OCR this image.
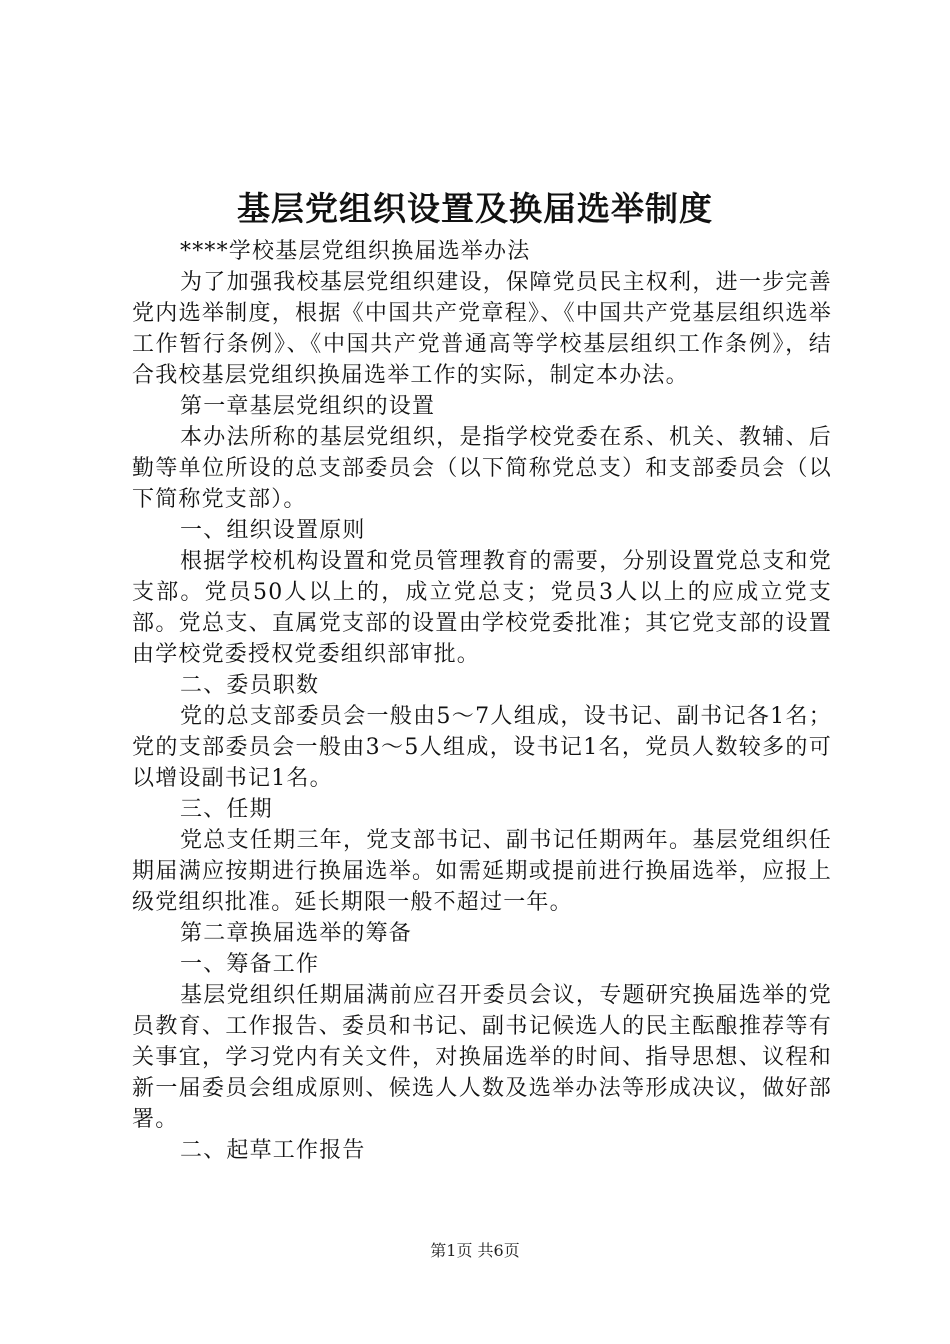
基层党组织设置及换届选举制度

****学校基层党组织换届选举办法

为了加强我校基层党组织建设，保障党员民主权利，进一步完善党内选举制度，根据《中国共产党章程》、《中国共产党基层组织选举工作暂行条例》、《中国共产党普通高等学校基层组织工作条例》，结合我校基层党组织换届选举工作的实际，制定本办法。

第一章基层党组织的设置

本办法所称的基层党组织，是指学校党委在系、机关、教辅、后勤等单位所设的总支部委员会（以下简称党总支）和支部委员会（以下简称党支部）。

一、组织设置原则

根据学校机构设置和党员管理教育的需要，分别设置党总支和党支部。党员50人以上的，成立党总支；党员3人以上的应成立党支部。党总支、直属党支部的设置由学校党委批准；其它党支部的设置由学校党委授权党委组织部审批。

二、委员职数

党的总支部委员会一般由5～7人组成，设书记、副书记各1名；党的支部委员会一般由3～5人组成，设书记1名，党员人数较多的可以增设副书记1名。

三、任期

党总支任期三年，党支部书记、副书记任期两年。基层党组织任期届满应按期进行换届选举。如需延期或提前进行换届选举，应报上级党组织批准。延长期限一般不超过一年。

第二章换届选举的筹备

一、筹备工作

基层党组织任期届满前应召开委员会议，专题研究换届选举的党员教育、工作报告、委员和书记、副书记候选人的民主酝酿推荐等有关事宜，学习党内有关文件，对换届选举的时间、指导思想、议程和新一届委员会组成原则、候选人人数及选举办法等形成决议，做好部署。

二、起草工作报告

第1页 共6页
